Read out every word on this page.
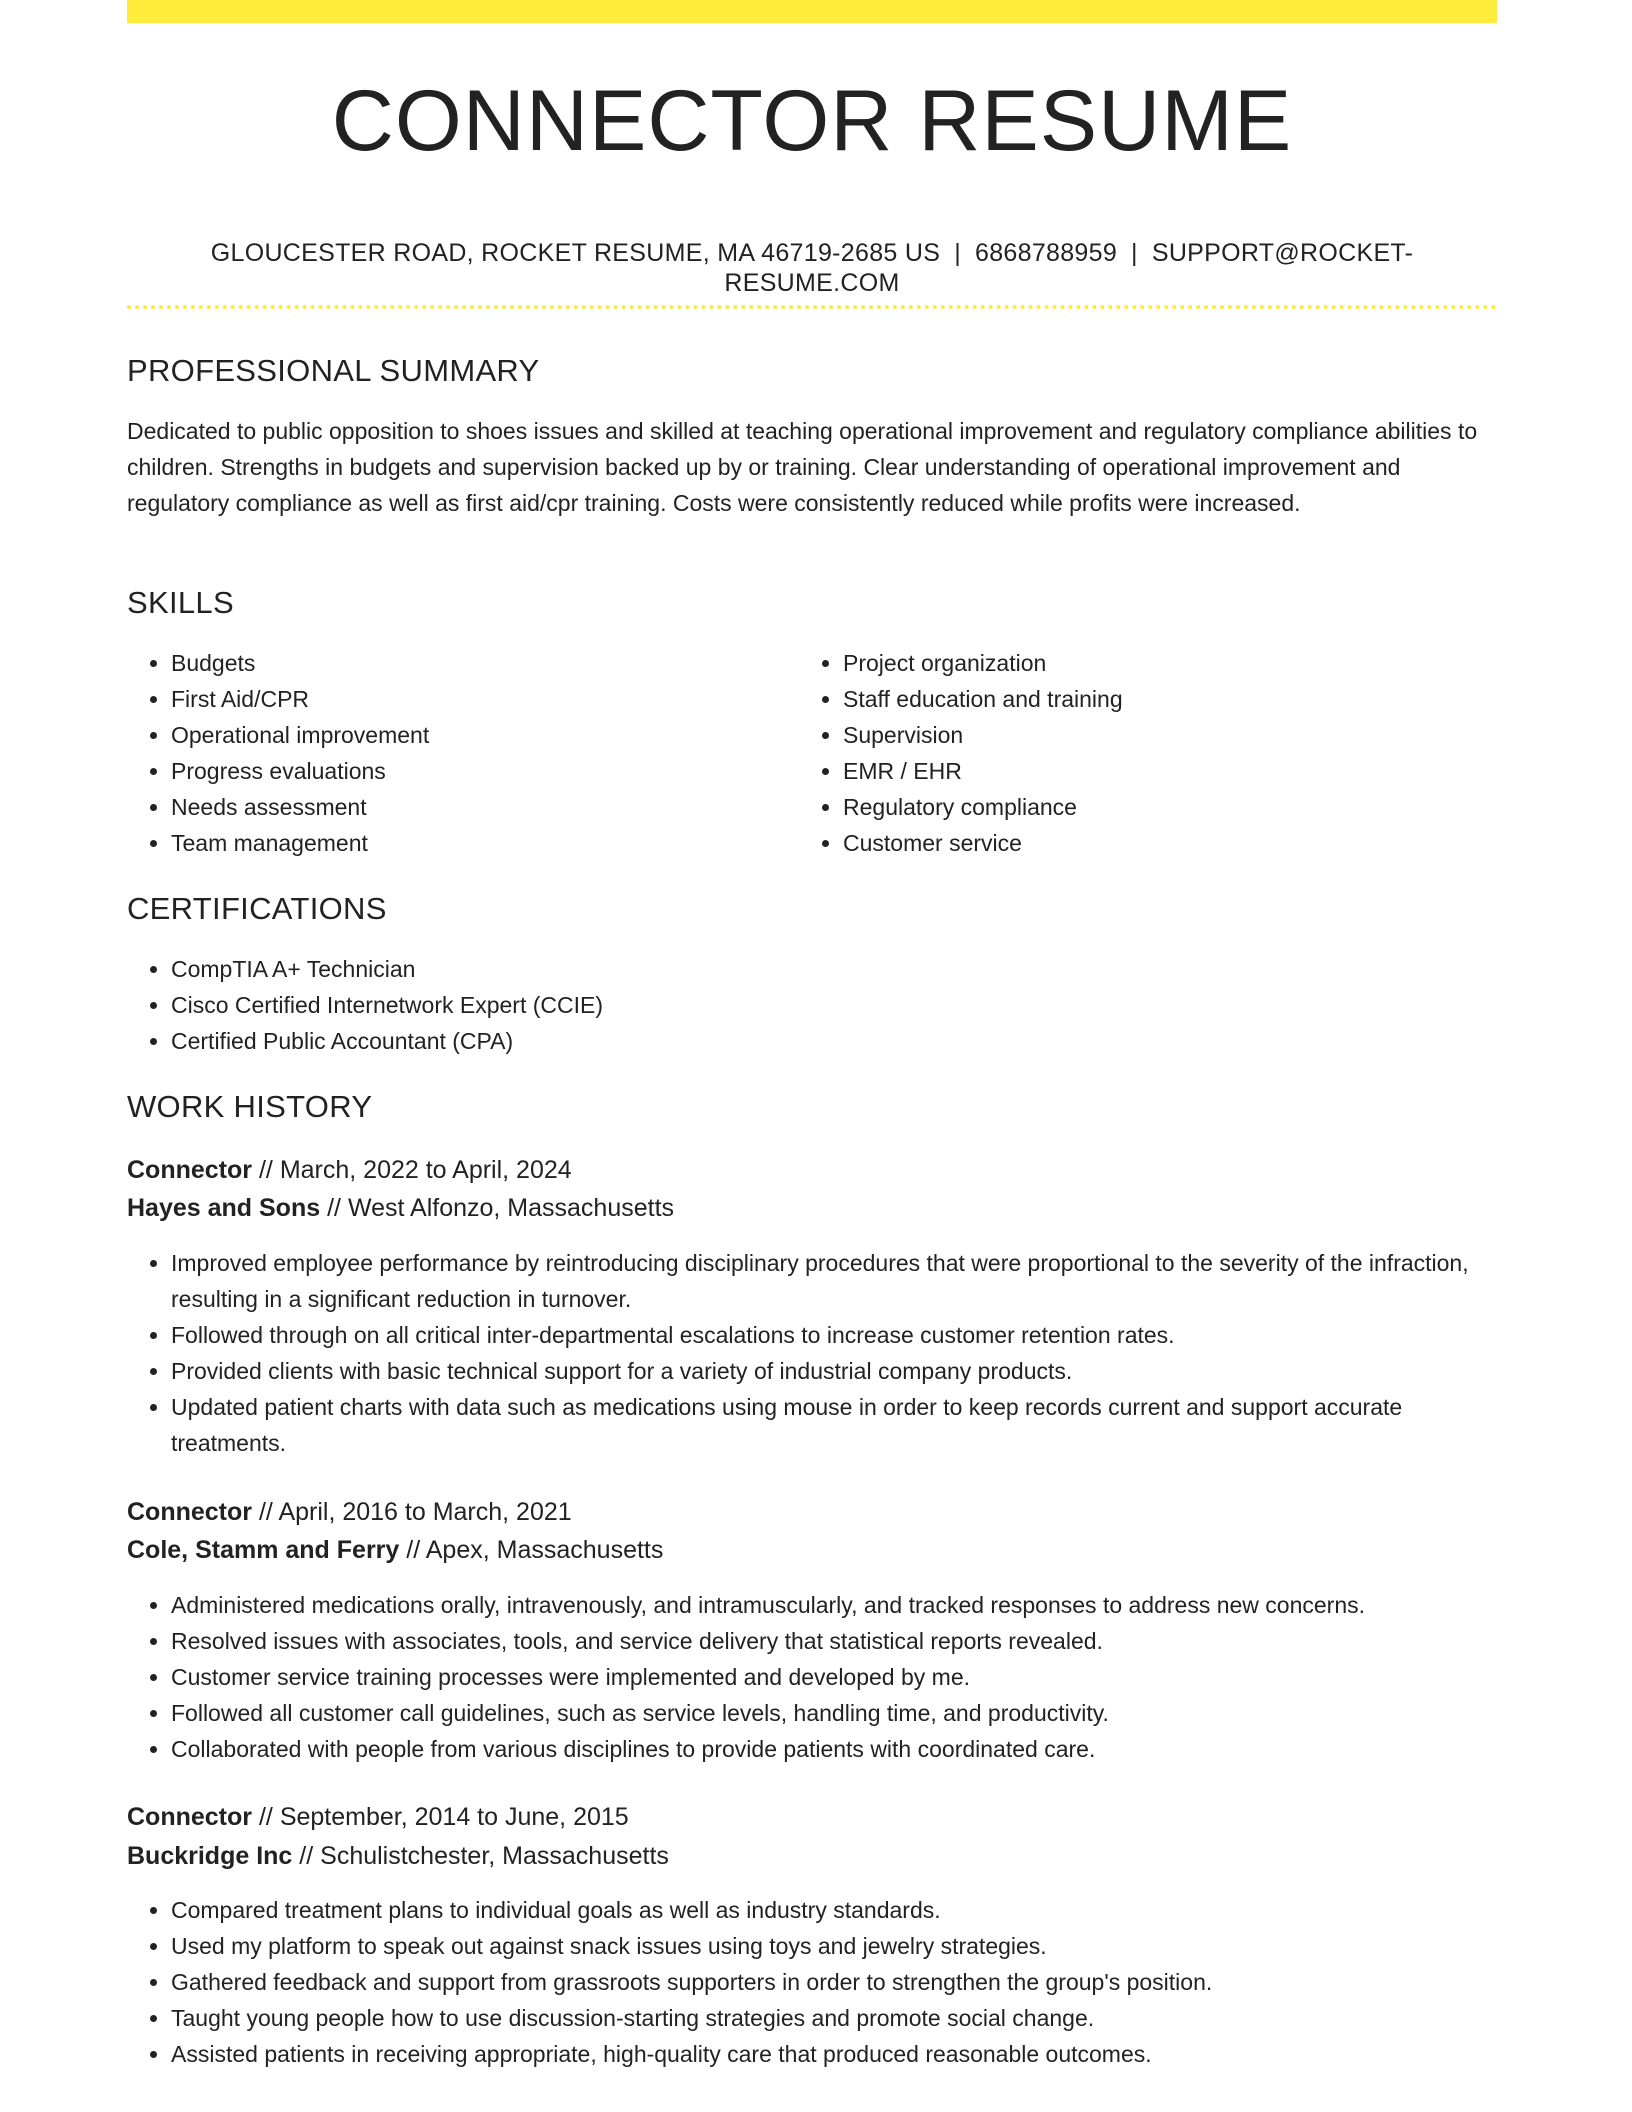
CONNECTOR RESUME
GLOUCESTER ROAD, ROCKET RESUME, MA 46719-2685 US | 6868788959 | SUPPORT@ROCKET-RESUME.COM
PROFESSIONAL SUMMARY

Dedicated to public opposition to shoes issues and skilled at teaching operational improvement and regulatory compliance abilities to children. Strengths in budgets and supervision backed up by or training. Clear understanding of operational improvement and regulatory compliance as well as first aid/cpr training. Costs were consistently reduced while profits were increased.

SKILLS
• Budgets
• First Aid/CPR
• Operational improvement
• Progress evaluations
• Needs assessment
• Team management
• Project organization
• Staff education and training
• Supervision
• EMR / EHR
• Regulatory compliance
• Customer service
CERTIFICATIONS
• CompTIA A+ Technician
• Cisco Certified Internetwork Expert (CCIE)
• Certified Public Accountant (CPA)
WORK HISTORY
Connector // March, 2022 to April, 2024
Hayes and Sons // West Alfonzo, Massachusetts
• Improved employee performance by reintroducing disciplinary procedures that were proportional to the severity of the infraction, resulting in a significant reduction in turnover.
• Followed through on all critical inter-departmental escalations to increase customer retention rates.
• Provided clients with basic technical support for a variety of industrial company products.
• Updated patient charts with data such as medications using mouse in order to keep records current and support accurate treatments.
Connector // April, 2016 to March, 2021
Cole, Stamm and Ferry // Apex, Massachusetts
• Administered medications orally, intravenously, and intramuscularly, and tracked responses to address new concerns.
• Resolved issues with associates, tools, and service delivery that statistical reports revealed.
• Customer service training processes were implemented and developed by me.
• Followed all customer call guidelines, such as service levels, handling time, and productivity.
• Collaborated with people from various disciplines to provide patients with coordinated care.
Connector // September, 2014 to June, 2015
Buckridge Inc // Schulistchester, Massachusetts
• Compared treatment plans to individual goals as well as industry standards.
• Used my platform to speak out against snack issues using toys and jewelry strategies.
• Gathered feedback and support from grassroots supporters in order to strengthen the group's position.
• Taught young people how to use discussion-starting strategies and promote social change.
• Assisted patients in receiving appropriate, high-quality care that produced reasonable outcomes.
